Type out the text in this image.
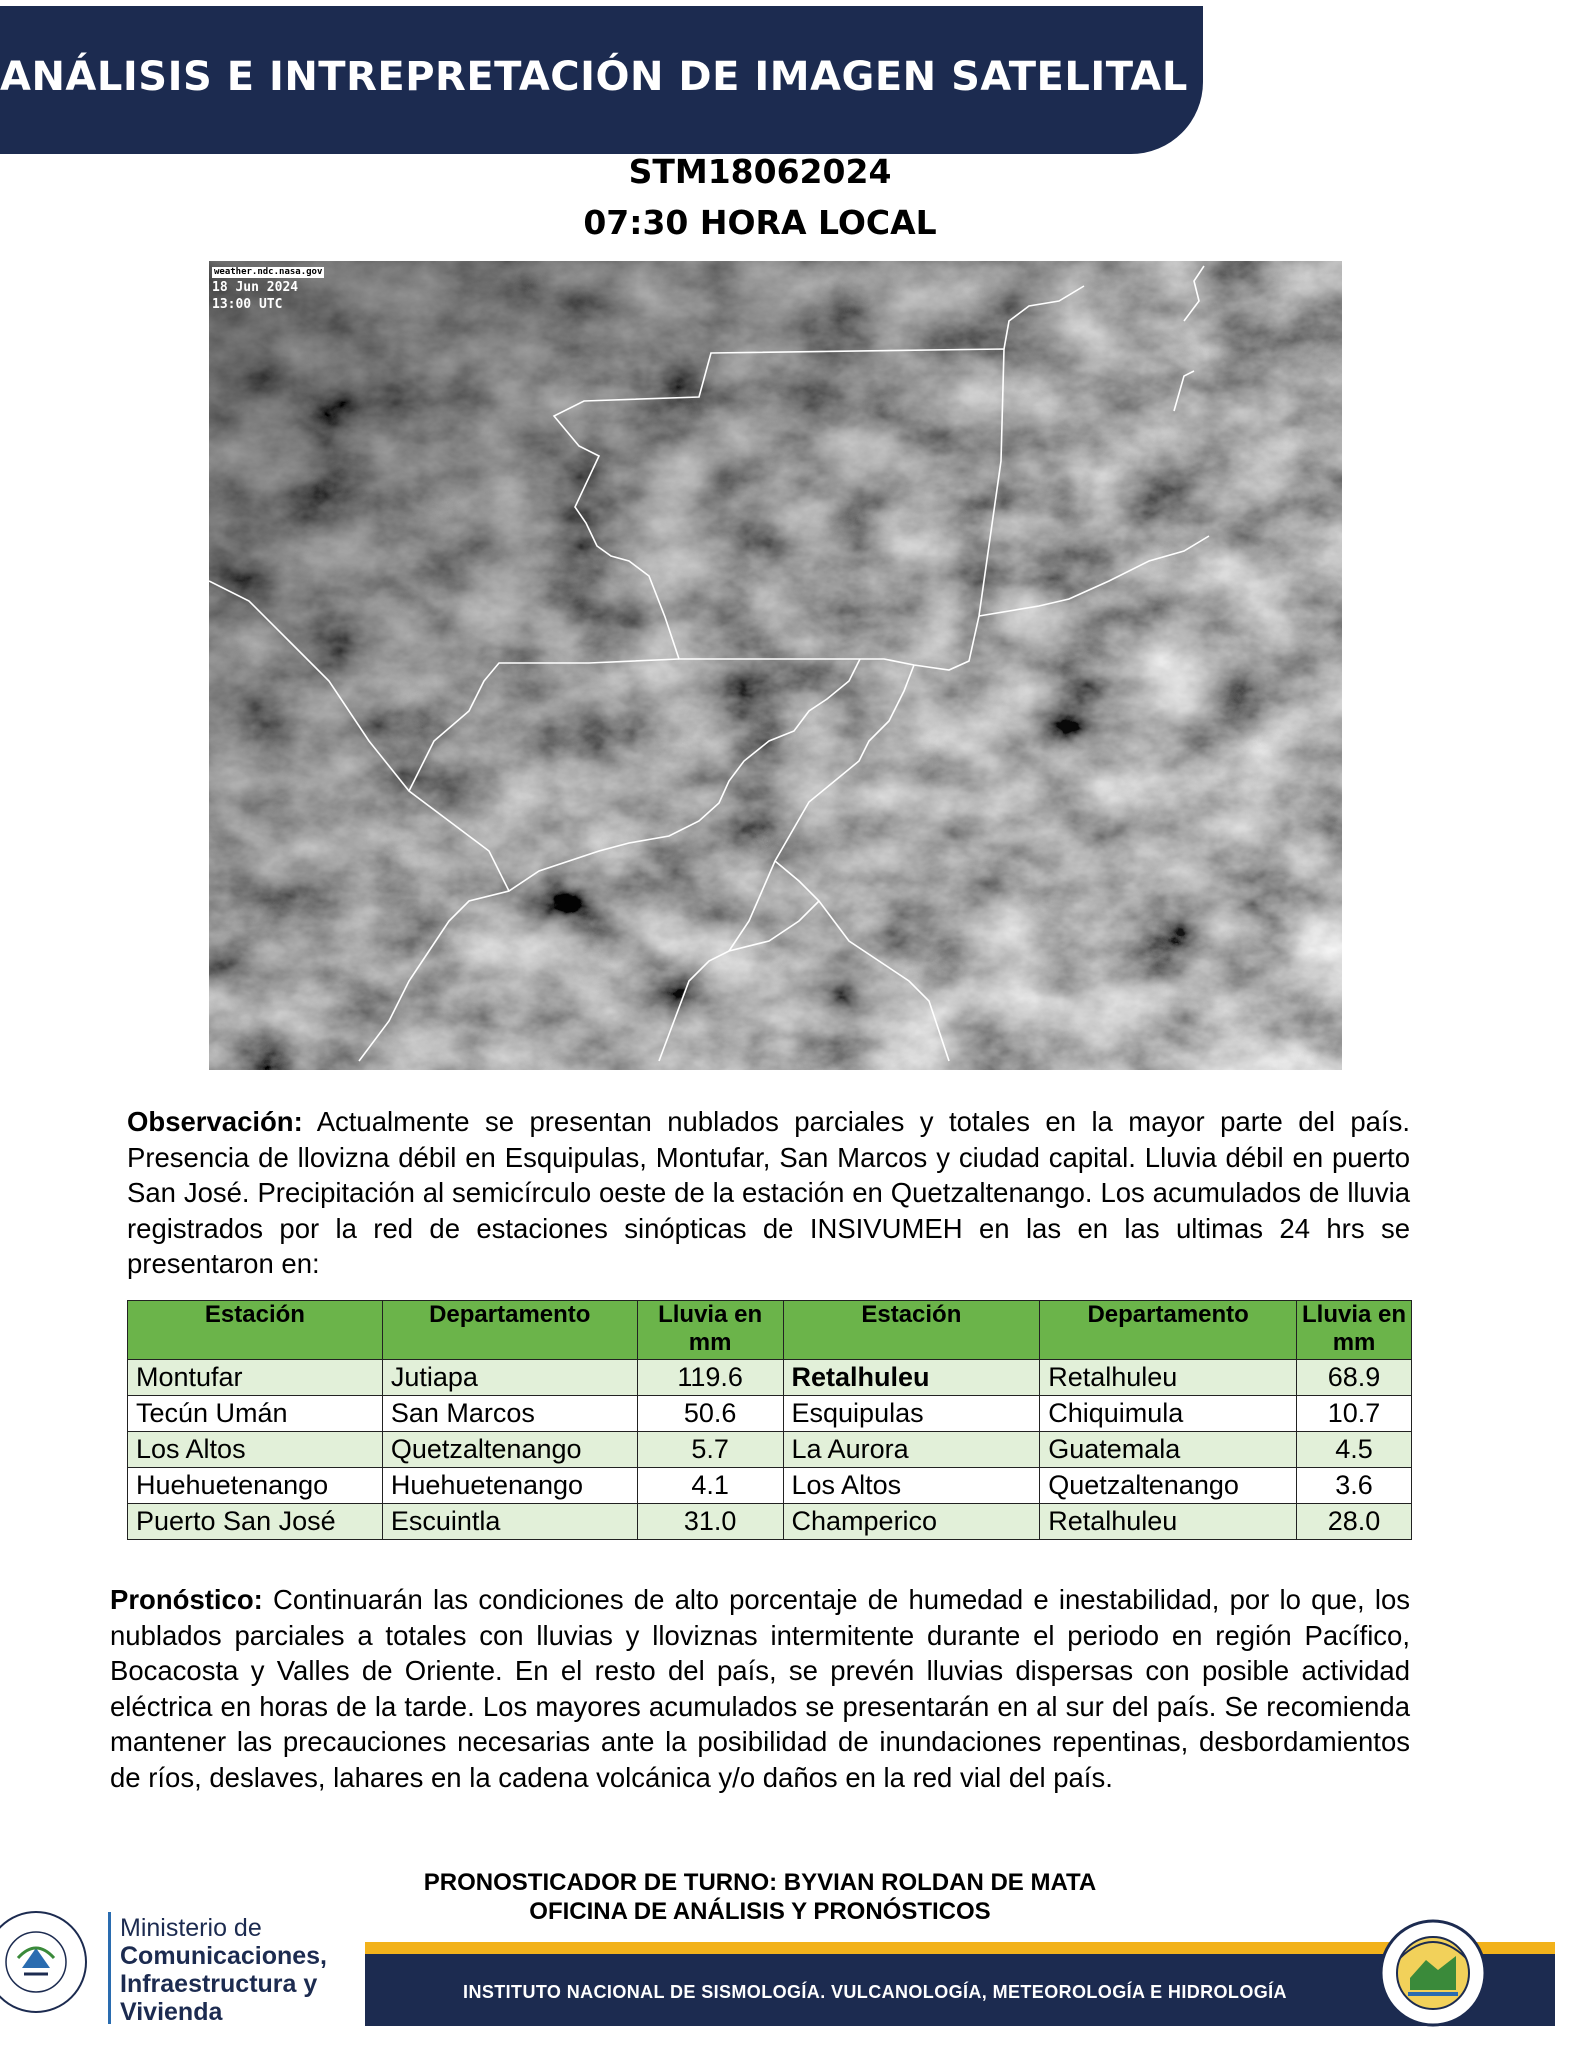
ANÁLISIS E INTREPRETACIÓN DE IMAGEN SATELITAL
STM18062024
07:30 HORA LOCAL
weather.ndc.nasa.gov
18 Jun 2024
13:00 UTC
Observación: Actualmente se presentan nublados parciales y totales en la mayor parte del país. Presencia de llovizna débil en Esquipulas, Montufar, San Marcos y ciudad capital. Lluvia débil en puerto San José. Precipitación al semicírculo oeste de la estación en Quetzaltenango. Los acumulados de lluvia registrados por la red de estaciones sinópticas de INSIVUMEH en las en las ultimas 24 hrs se presentaron en:
Estación	Departamento	Lluvia en mm	Estación	Departamento	Lluvia en mm
Montufar	Jutiapa	119.6	Retalhuleu	Retalhuleu	68.9
Tecún Umán	San Marcos	50.6	Esquipulas	Chiquimula	10.7
Los Altos	Quetzaltenango	5.7	La Aurora	Guatemala	4.5
Huehuetenango	Huehuetenango	4.1	Los Altos	Quetzaltenango	3.6
Puerto San José	Escuintla	31.0	Champerico	Retalhuleu	28.0
Pronóstico: Continuarán las condiciones de alto porcentaje de humedad e inestabilidad, por lo que, los nublados parciales a totales con lluvias y lloviznas intermitente durante el periodo en región Pacífico, Bocacosta y Valles de Oriente. En el resto del país, se prevén lluvias dispersas con posible actividad eléctrica en horas de la tarde. Los mayores acumulados se presentarán en al sur del país. Se recomienda mantener las precauciones necesarias ante la posibilidad de inundaciones repentinas, desbordamientos de ríos, deslaves, lahares en la cadena volcánica y/o daños en la red vial del país.
PRONOSTICADOR DE TURNO: BYVIAN ROLDAN DE MATA
OFICINA DE ANÁLISIS Y PRONÓSTICOS
Ministerio de
Comunicaciones,
Infraestructura y
Vivienda
INSTITUTO NACIONAL DE SISMOLOGÍA. VULCANOLOGÍA, METEOROLOGÍA E HIDROLOGÍA
